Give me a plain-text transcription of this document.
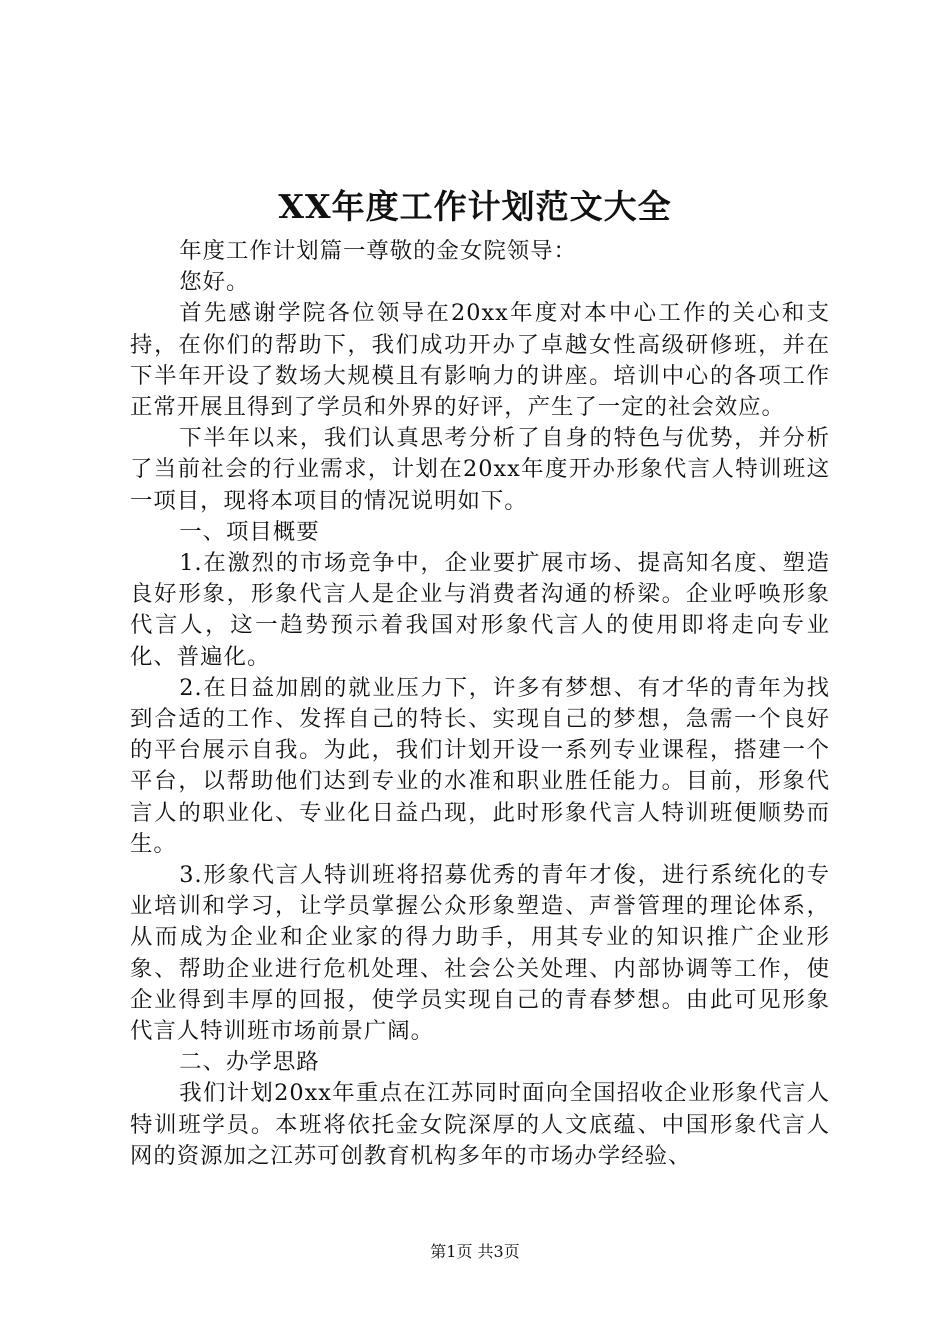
XX年度工作计划范文大全

年度工作计划篇一尊敬的金女院领导：

您好。

首先感谢学院各位领导在20xx年度对本中心工作的关心和支持，在你们的帮助下，我们成功开办了卓越女性高级研修班，并在下半年开设了数场大规模且有影响力的讲座。培训中心的各项工作正常开展且得到了学员和外界的好评，产生了一定的社会效应。

下半年以来，我们认真思考分析了自身的特色与优势，并分析了当前社会的行业需求，计划在20xx年度开办形象代言人特训班这一项目，现将本项目的情况说明如下。

一、项目概要

1.在激烈的市场竞争中，企业要扩展市场、提高知名度、塑造良好形象，形象代言人是企业与消费者沟通的桥梁。企业呼唤形象代言人，这一趋势预示着我国对形象代言人的使用即将走向专业化、普遍化。

2.在日益加剧的就业压力下，许多有梦想、有才华的青年为找到合适的工作、发挥自己的特长、实现自己的梦想，急需一个良好的平台展示自我。为此，我们计划开设一系列专业课程，搭建一个平台，以帮助他们达到专业的水准和职业胜任能力。目前，形象代言人的职业化、专业化日益凸现，此时形象代言人特训班便顺势而生。

3.形象代言人特训班将招募优秀的青年才俊，进行系统化的专业培训和学习，让学员掌握公众形象塑造、声誉管理的理论体系，从而成为企业和企业家的得力助手，用其专业的知识推广企业形象、帮助企业进行危机处理、社会公关处理、内部协调等工作，使企业得到丰厚的回报，使学员实现自己的青春梦想。由此可见形象代言人特训班市场前景广阔。

二、办学思路

我们计划20xx年重点在江苏同时面向全国招收企业形象代言人特训班学员。本班将依托金女院深厚的人文底蕴、中国形象代言人网的资源加之江苏可创教育机构多年的市场办学经验、

第1页 共3页
